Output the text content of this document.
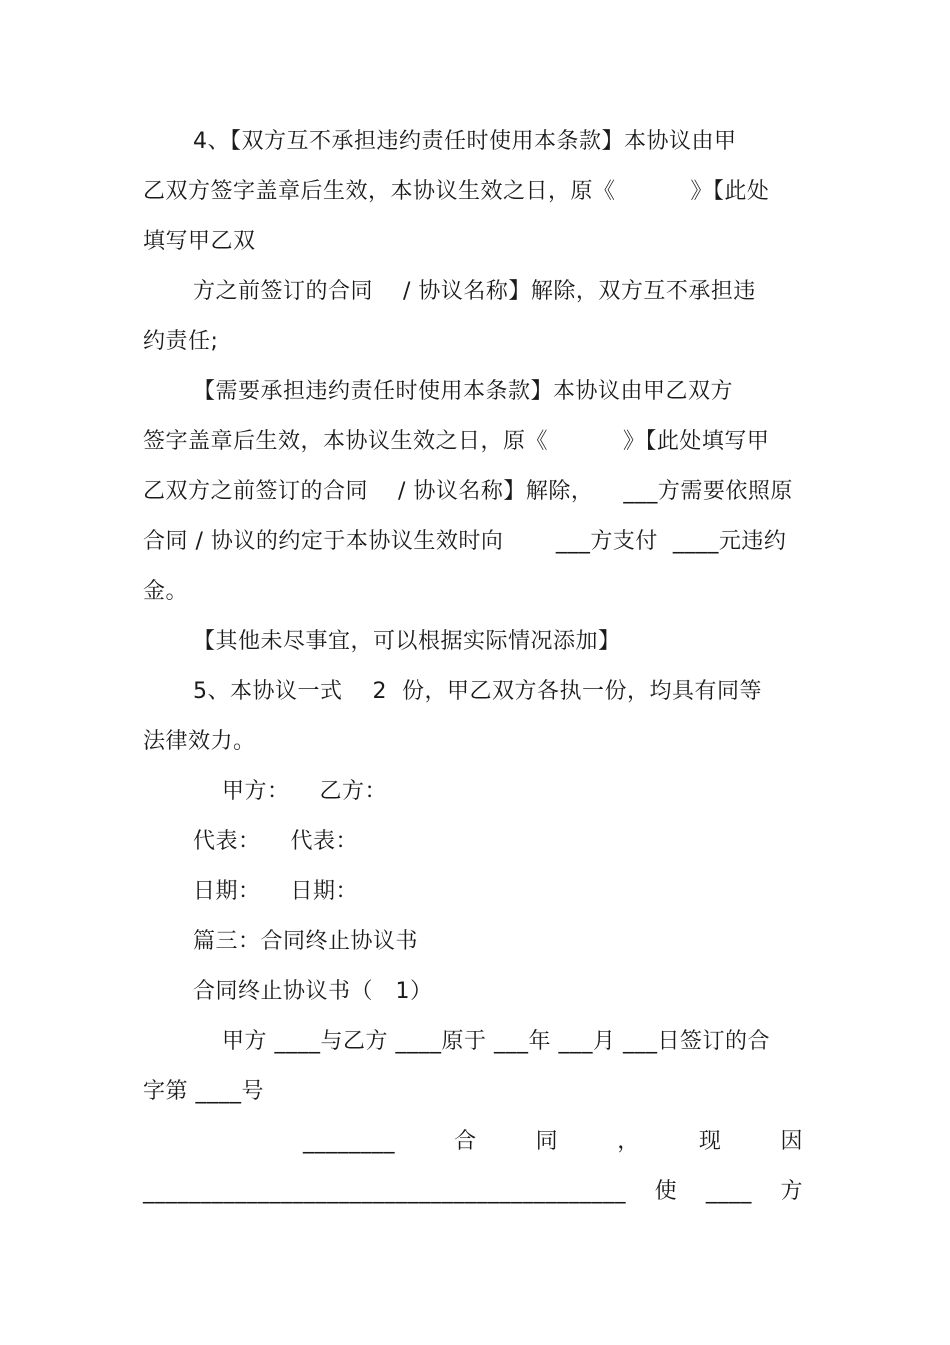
4、【双方互不承担违约责任时使用本条款】本协议由甲
乙双方签字盖章后生效，本协议生效之日，原《          》【此处
填写甲乙双
方之前签订的合同    / 协议名称】解除，双方互不承担违
约责任;
【需要承担违约责任时使用本条款】本协议由甲乙双方
签字盖章后生效，本协议生效之日，原《          》【此处填写甲
乙双方之前签订的合同    / 协议名称】解除，    ___方需要依照原
合同 / 协议的约定于本协议生效时向       ___方支付  ____元违约
金。
【其他未尽事宜，可以根据实际情况添加】
5、本协议一式    2  份，甲乙双方各执一份，均具有同等
法律效力。
甲方：    乙方：
代表：    代表：
日期：    日期：
篇三：合同终止协议书
合同终止协议书（   1）
甲方 ____与乙方 ____原于 ___年 ___月 ___日签订的合
字第 ____号
________	合	同	，	现	因
__________________________________________ 使 ____ 方
